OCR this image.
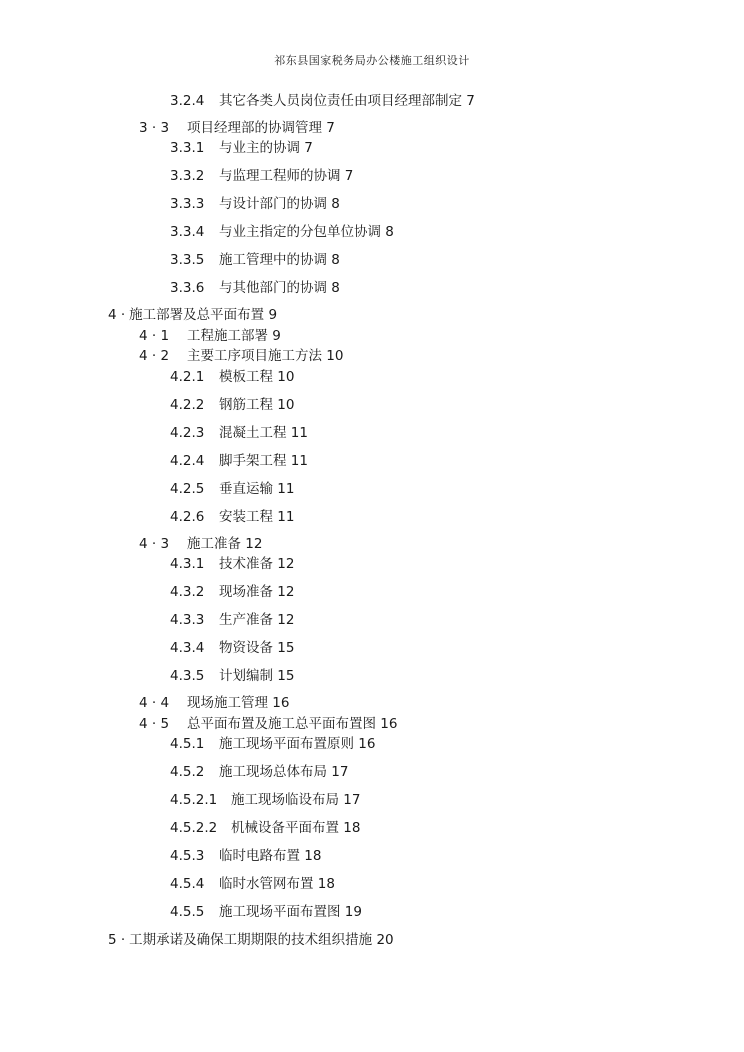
祁东县国家税务局办公楼施工组织设计
3.2.4 其它各类人员岗位责任由项目经理部制定 7
3 · 3 项目经理部的协调管理 7
3.3.1 与业主的协调 7
3.3.2 与监理工程师的协调 7
3.3.3 与设计部门的协调 8
3.3.4 与业主指定的分包单位协调 8
3.3.5 施工管理中的协调 8
3.3.6 与其他部门的协调 8
4 · 施工部署及总平面布置 9
4 · 1 工程施工部署 9
4 · 2 主要工序项目施工方法 10
4.2.1 模板工程 10
4.2.2 钢筋工程 10
4.2.3 混凝土工程 11
4.2.4 脚手架工程 11
4.2.5 垂直运输 11
4.2.6 安装工程 11
4 · 3 施工准备 12
4.3.1 技术准备 12
4.3.2 现场准备 12
4.3.3 生产准备 12
4.3.4 物资设备 15
4.3.5 计划编制 15
4 · 4 现场施工管理 16
4 · 5 总平面布置及施工总平面布置图 16
4.5.1 施工现场平面布置原则 16
4.5.2 施工现场总体布局 17
4.5.2.1 施工现场临设布局 17
4.5.2.2 机械设备平面布置 18
4.5.3 临时电路布置 18
4.5.4 临时水管网布置 18
4.5.5 施工现场平面布置图 19
5 · 工期承诺及确保工期期限的技术组织措施 20
